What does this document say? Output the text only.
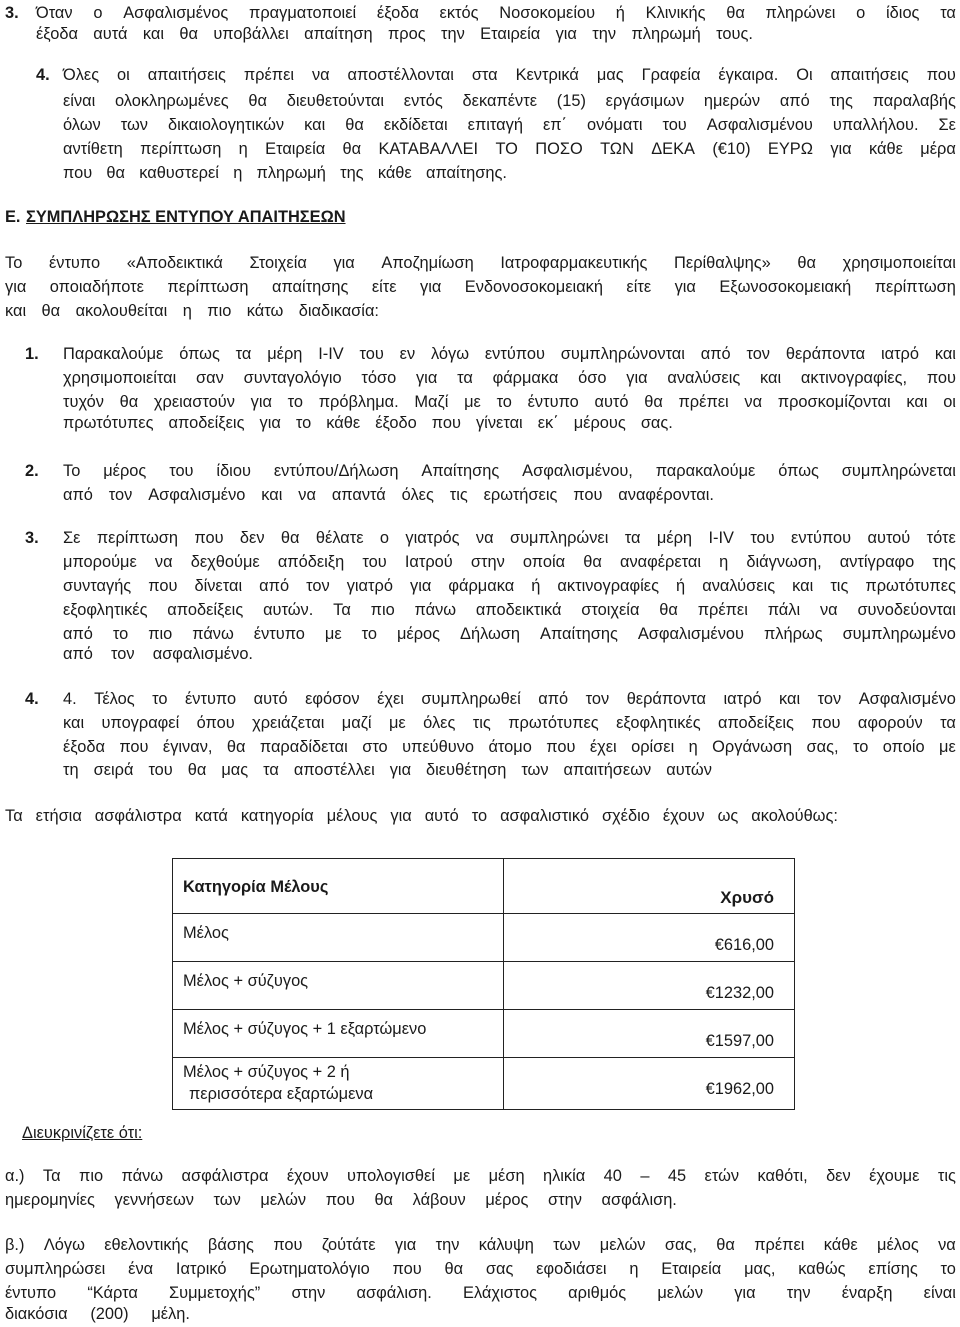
3. Όταν ο Ασφαλισμένος πραγματοποιεί έξοδα εκτός Νοσοκομείου ή Κλινικής θα πληρώνει ο ίδιος τα
έξοδα αυτά και θα υποβάλλει απαίτηση προς την Εταιρεία για την πληρωμή τους.
4. Όλες οι απαιτήσεις πρέπει να αποστέλλονται στα Κεντρικά μας Γραφεία έγκαιρα. Οι απαιτήσεις που
είναι ολοκληρωμένες θα διευθετούνται εντός δεκαπέντε (15) εργάσιμων ημερών από της παραλαβής
όλων των δικαιολογητικών και θα εκδίδεται επιταγή επ΄ ονόματι του Ασφαλισμένου υπαλλήλου. Σε
αντίθετη περίπτωση η Εταιρεία θα ΚΑΤΑΒΑΛΛΕΙ ΤΟ ΠΟΣΟ ΤΩΝ ΔΕΚΑ (€10) ΕΥΡΩ για κάθε μέρα
που θα καθυστερεί η πληρωμή της κάθε απαίτησης.
Ε. ΣΥΜΠΛΗΡΩΣΗΣ ΕΝΤΥΠΟΥ ΑΠΑΙΤΗΣΕΩΝ
Το έντυπο «Αποδεικτικά Στοιχεία για Αποζημίωση Ιατροφαρμακευτικής Περίθαλψης» θα χρησιμοποιείται
για οποιαδήποτε περίπτωση απαίτησης είτε για Ενδονοσοκομειακή είτε για Εξωνοσοκομειακή περίπτωση
και θα ακολουθείται η πιο κάτω διαδικασία:
1. Παρακαλούμε όπως τα μέρη I-IV του εν λόγω εντύπου συμπληρώνονται από τον θεράποντα ιατρό και
χρησιμοποιείται σαν συνταγολόγιο τόσο για τα φάρμακα όσο για αναλύσεις και ακτινογραφίες, που
τυχόν θα χρειαστούν για το πρόβλημα. Μαζί με το έντυπο αυτό θα πρέπει να προσκομίζονται και οι
πρωτότυπες αποδείξεις για το κάθε έξοδο που γίνεται εκ΄ μέρους σας.
2. Το μέρος του ίδιου εντύπου/Δήλωση Απαίτησης Ασφαλισμένου, παρακαλούμε όπως συμπληρώνεται
από τον Ασφαλισμένο και να απαντά όλες τις ερωτήσεις που αναφέρονται.
3. Σε περίπτωση που δεν θα θέλατε ο γιατρός να συμπληρώνει τα μέρη I-IV του εντύπου αυτού τότε
μπορούμε να δεχθούμε απόδειξη του Ιατρού στην οποία θα αναφέρεται η διάγνωση, αντίγραφο της
συνταγής που δίνεται από τον γιατρό για φάρμακα ή ακτινογραφίες ή αναλύσεις και τις πρωτότυπες
εξοφλητικές αποδείξεις αυτών. Τα πιο πάνω αποδεικτικά στοιχεία θα πρέπει πάλι να συνοδεύονται
από το πιο πάνω έντυπο με το μέρος Δήλωση Απαίτησης Ασφαλισμένου πλήρως συμπληρωμένο
από τον ασφαλισμένο.
4. 4. Τέλος το έντυπο αυτό εφόσον έχει συμπληρωθεί από τον θεράποντα ιατρό και τον Ασφαλισμένο
και υπογραφεί όπου χρειάζεται μαζί με όλες τις πρωτότυπες εξοφλητικές αποδείξεις που αφορούν τα
έξοδα που έγιναν, θα παραδίδεται στο υπεύθυνο άτομο που έχει ορίσει η Οργάνωση σας, το οποίο με
τη σειρά του θα μας τα αποστέλλει για διευθέτηση των απαιτήσεων αυτών
Τα ετήσια ασφάλιστρα κατά κατηγορία μέλους για αυτό το ασφαλιστικό σχέδιο έχουν ως ακολούθως:
Κατηγορία Μέλους	Χρυσό
Μέλος	€616,00
Μέλος + σύζυγος	€1232,00
Μέλος + σύζυγος + 1 εξαρτώμενο	€1597,00

Μέλος + σύζυγος + 2 ή
περισσότερα εξαρτώμενα	€1962,00
Διευκρινίζετε ότι:
α.) Τα πιο πάνω ασφάλιστρα έχουν υπολογισθεί με μέση ηλικία 40 – 45 ετών καθότι, δεν έχουμε τις
ημερομηνίες γεννήσεων των μελών που θα λάβουν μέρος στην ασφάλιση.
β.) Λόγω εθελοντικής βάσης που ζούτάτε για την κάλυψη των μελών σας, θα πρέπει κάθε μέλος να
συμπληρώσει ένα Ιατρικό Ερωτηματολόγιο που θα σας εφοδιάσει η Εταιρεία μας, καθώς επίσης το
έντυπο “Κάρτα Συμμετοχής” στην ασφάλιση. Ελάχιστος αριθμός μελών για την έναρξη είναι
διακόσια (200) μέλη.
